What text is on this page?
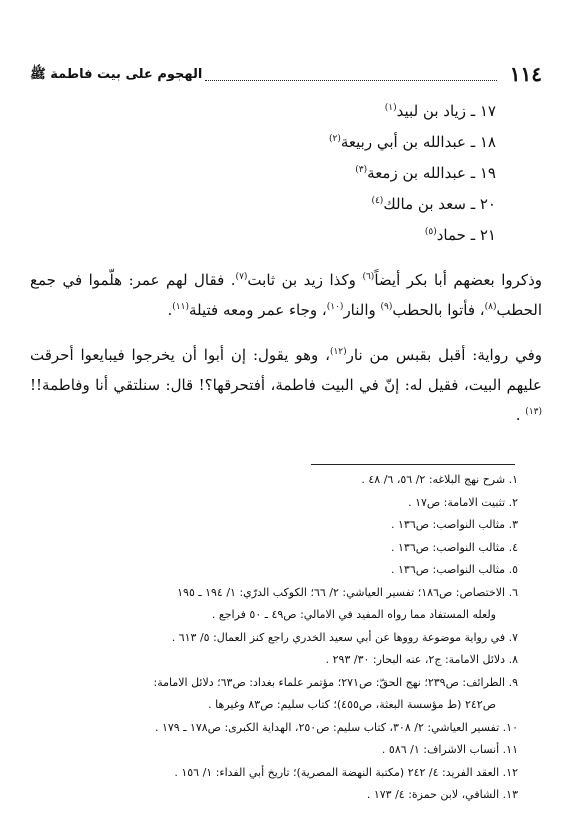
١١٤
الهجوم على بيت فاطمة ﷺ
١٧ ـ زياد بن لبيد$^{(١)}$
١٨ ـ عبدالله بن أبي ربيعة$^{(٢)}$
١٩ ـ عبدالله بن زمعة$^{(٣)}$
٢٠ ـ سعد بن مالك$^{(٤)}$
٢١ ـ حماد$^{(٥)}$

وذكروا بعضهم أبا بكر أيضاً$^{(٦)}$ وكذا زيد بن ثابت$^{(٧)}$. فقال لهم عمر: هلّموا في جمع الحطب$^{(٨)}$، فأتوا بالحطب$^{(٩)}$ والنار$^{(١٠)}$، وجاء عمر ومعه فتيلة$^{(١١)}$.

وفي رواية: أقبل بقبس من نار$^{(١٢)}$، وهو يقول: إن أبوا أن يخرجوا فيبايعوا أحرقت عليهم البيت، فقيل له: إنّ في البيت فاطمة، أفتحرقها؟! قال: سنلتقي أنا وفاطمة!!$^{(١٣)}$ .

١. شرح نهج البلاغه: ٢/ ٥٦، ٦/ ٤٨ .
٢. تثبيت الامامة: ص١٧ .
٣. مثالب النواصب: ص١٣٦ .
٤. مثالب النواصب: ص١٣٦ .
٥. مثالب النواصب: ص١٣٦ .
٦. الاختصاص: ص١٨٦؛ تفسير العياشي: ٢/ ٦٦؛ الكوكب الدرّي: ١/ ١٩٤ ـ ١٩٥
ولعله المستفاد مما رواه المفيد في الامالي: ص٤٩ ـ ٥٠ فراجع .
٧. في رواية موضوعة رووها عن أبي سعيد الخدري راجع كنز العمال: ٥/ ٦١٣ .
٨. دلائل الامامة: ج٢، عنه البحار: ٣٠/ ٢٩٣ .
٩. الطرائف: ص٢٣٩؛ نهج الحقّ: ص٢٧١؛ مؤتمر علماء بغداد: ص٦٣؛ دلائل الامامة:
ص٢٤٢ (ط مؤسسة البعثة، ص٤٥٥)؛ كتاب سليم: ص٨٣ وغيرها .
١٠. تفسير العياشي: ٢/ ٣٠٨، كتاب سليم: ص٢٥٠، الهداية الكبرى: ص١٧٨ ـ ١٧٩ .
١١. أنساب الاشراف: ١/ ٥٨٦ .
١٢. العقد الفريد: ٤/ ٢٤٢ (مكتبة النهضة المصرية)؛ تاريخ أبي الفداء: ١/ ١٥٦ .
١٣. الشافي، لابن حمزة: ٤/ ١٧٣ .
